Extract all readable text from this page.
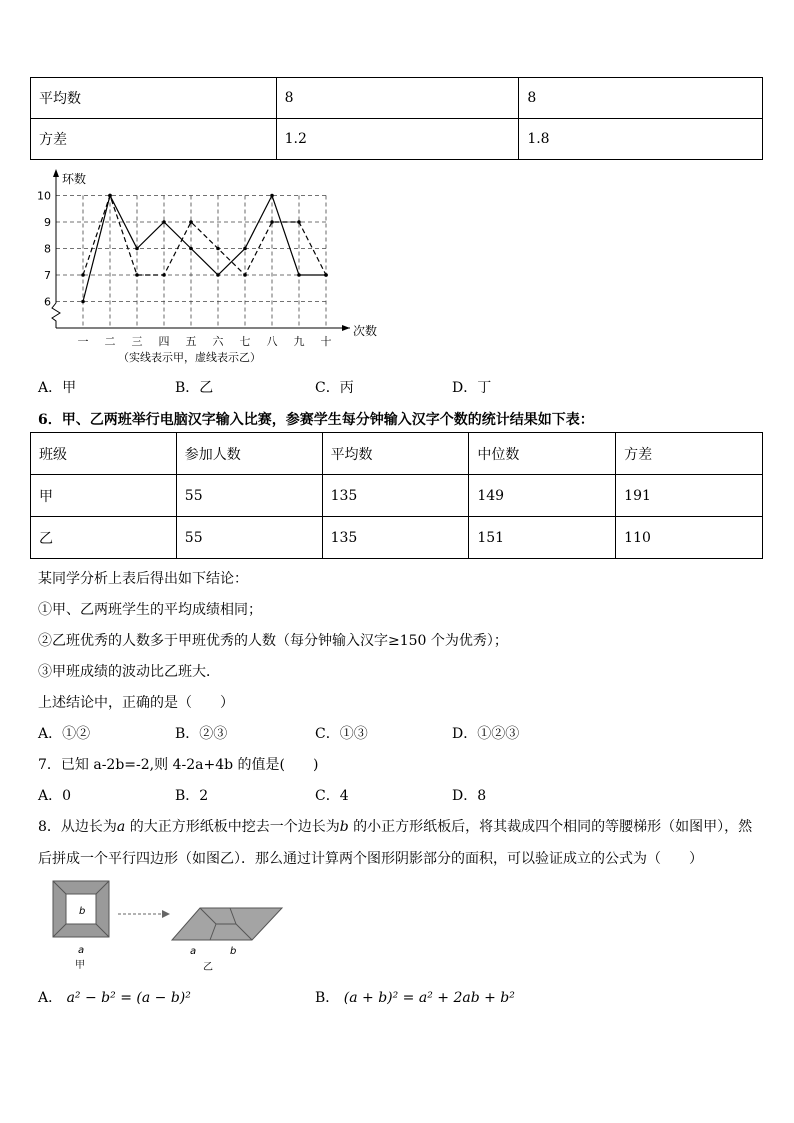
平均数	8	8
方差	1.2	1.8
环数
次数
（实线表示甲，虚线表示乙）
6
7
8
9
10
一 二 三 四 五 六 七 八 九 十
A．甲	B．乙	C．丙	D．丁
6．甲、乙两班举行电脑汉字输入比赛，参赛学生每分钟输入汉字个数的统计结果如下表：
班级	参加人数	平均数	中位数	方差
甲	55	135	149	191
乙	55	135	151	110
某同学分析上表后得出如下结论：
①甲、乙两班学生的平均成绩相同；
②乙班优秀的人数多于甲班优秀的人数（每分钟输入汉字≥150 个为优秀）；
③甲班成绩的波动比乙班大．
上述结论中，正确的是（　　）
A．①②	B．②③	C．①③	D．①②③
7．已知 a-2b=-2,则 4-2a+4b 的值是(　　)
A．0	B．2	C．4	D．8
8．从边长为a 的大正方形纸板中挖去一个边长为b 的小正方形纸板后，将其裁成四个相同的等腰梯形（如图甲），然
后拼成一个平行四边形（如图乙）．那么通过计算两个图形阴影部分的面积，可以验证成立的公式为（　　）
b
a
甲
a	b
乙
A． a² − b² = (a − b)²	B． (a + b)² = a² + 2ab + b²
